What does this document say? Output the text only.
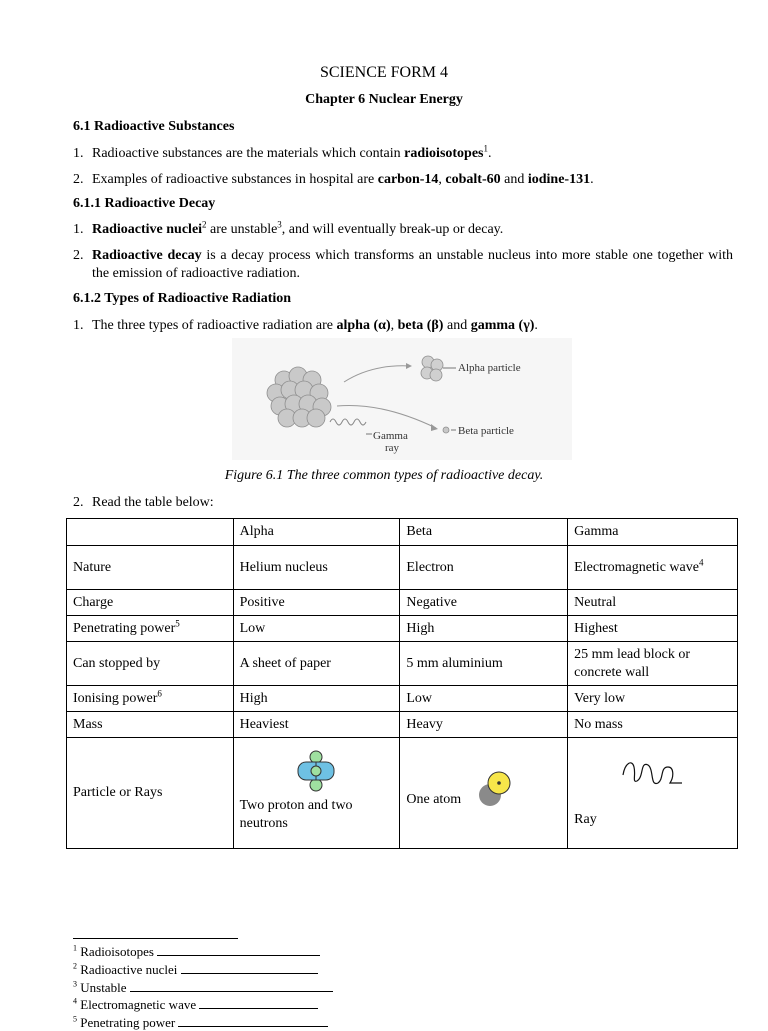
SCIENCE FORM 4
Chapter 6 Nuclear Energy
6.1 Radioactive Substances
1. Radioactive substances are the materials which contain radioisotopes$^1$.
2. Examples of radioactive substances in hospital are carbon-14, cobalt-60 and iodine-131.
6.1.1 Radioactive Decay
1. Radioactive nuclei$^2$ are unstable$^3$, and will eventually break-up or decay.
2. Radioactive decay is a decay process which transforms an unstable nucleus into more stable one together with the emission of radioactive radiation.
6.1.2 Types of Radioactive Radiation
1. The three types of radioactive radiation are alpha (α), beta (β) and gamma (γ).
Alpha particle
Beta particle
Gamma
ray
Figure 6.1 The three common types of radioactive decay.
2. Read the table below:
	Alpha	Beta	Gamma
Nature	Helium nucleus	Electron	Electromagnetic wave$^4$
Charge	Positive	Negative	Neutral
Penetrating power$^5$	Low	High	Highest
Can stopped by	A sheet of paper	5 mm aluminium	25 mm lead block or concrete wall
Ionising power$^6$	High	Low	Very low
Mass	Heaviest	Heavy	No mass
Particle or Rays	Two proton and two neutrons	One atom	Ray
$^1$ Radioisotopes
$^2$ Radioactive nuclei
$^3$ Unstable
$^4$ Electromagnetic wave
$^5$ Penetrating power
